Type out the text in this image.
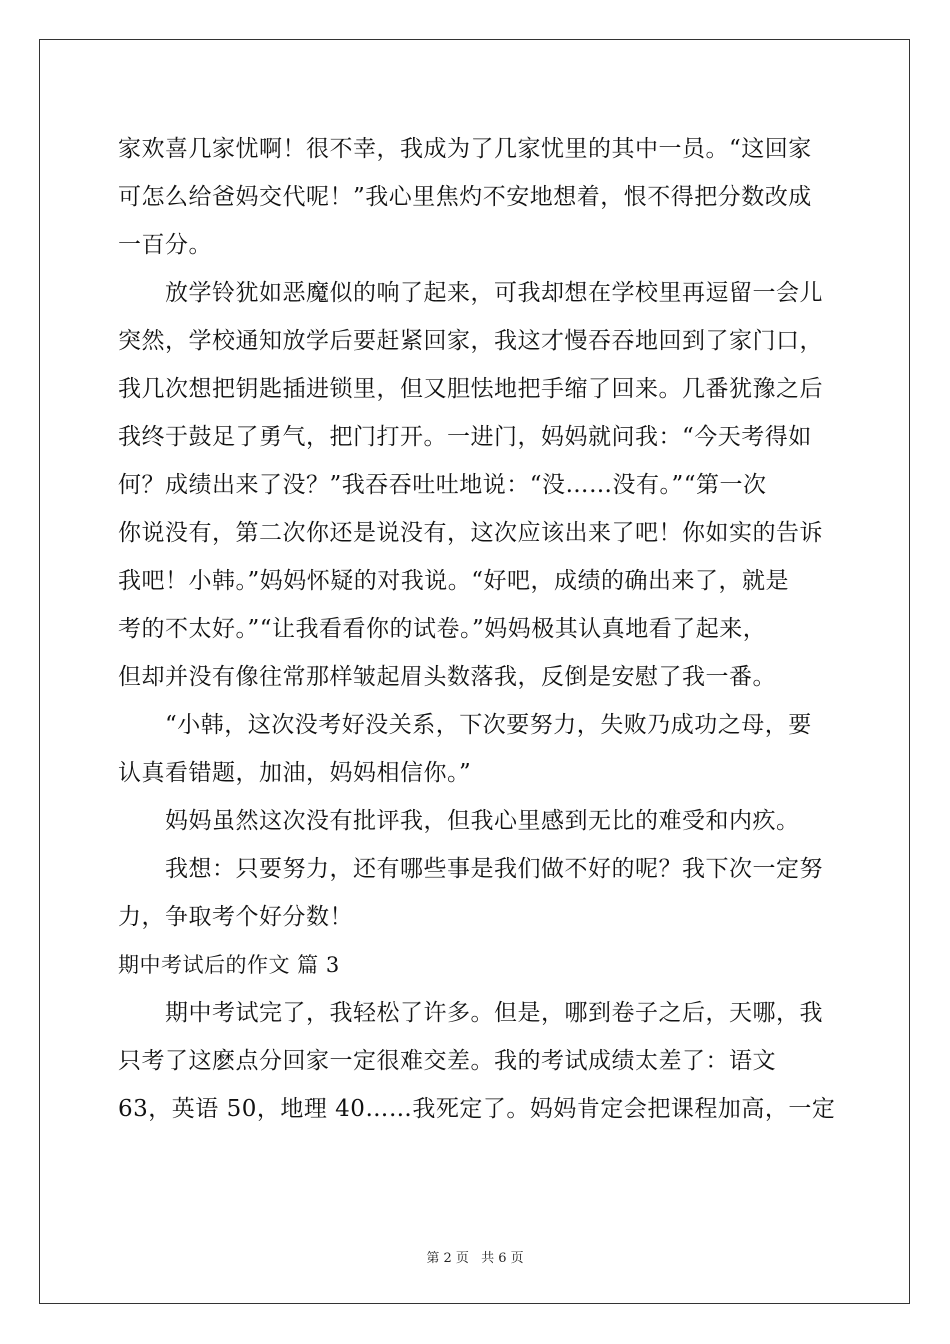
家欢喜几家忧啊！很不幸，我成为了几家忧里的其中一员。“这回家
可怎么给爸妈交代呢！”我心里焦灼不安地想着，恨不得把分数改成
一百分。
　　放学铃犹如恶魔似的响了起来，可我却想在学校里再逗留一会儿
突然，学校通知放学后要赶紧回家，我这才慢吞吞地回到了家门口，
我几次想把钥匙插进锁里，但又胆怯地把手缩了回来。几番犹豫之后
我终于鼓足了勇气，把门打开。一进门，妈妈就问我：“今天考得如
何？成绩出来了没？”我吞吞吐吐地说：“没……没有。”“第一次
你说没有，第二次你还是说没有，这次应该出来了吧！你如实的告诉
我吧！小韩。”妈妈怀疑的对我说。“好吧，成绩的确出来了，就是
考的不太好。”“让我看看你的试卷。”妈妈极其认真地看了起来，
但却并没有像往常那样皱起眉头数落我，反倒是安慰了我一番。
　　“小韩，这次没考好没关系，下次要努力，失败乃成功之母，要
认真看错题，加油，妈妈相信你。”
　　妈妈虽然这次没有批评我，但我心里感到无比的难受和内疚。
　　我想：只要努力，还有哪些事是我们做不好的呢？我下次一定努
力，争取考个好分数！
期中考试后的作文 篇 3
　　期中考试完了，我轻松了许多。但是，哪到卷子之后，天哪，我
只考了这麽点分回家一定很难交差。我的考试成绩太差了：语文
63，英语 50，地理 40……我死定了。妈妈肯定会把课程加高，一定
第 2 页 共 6 页
